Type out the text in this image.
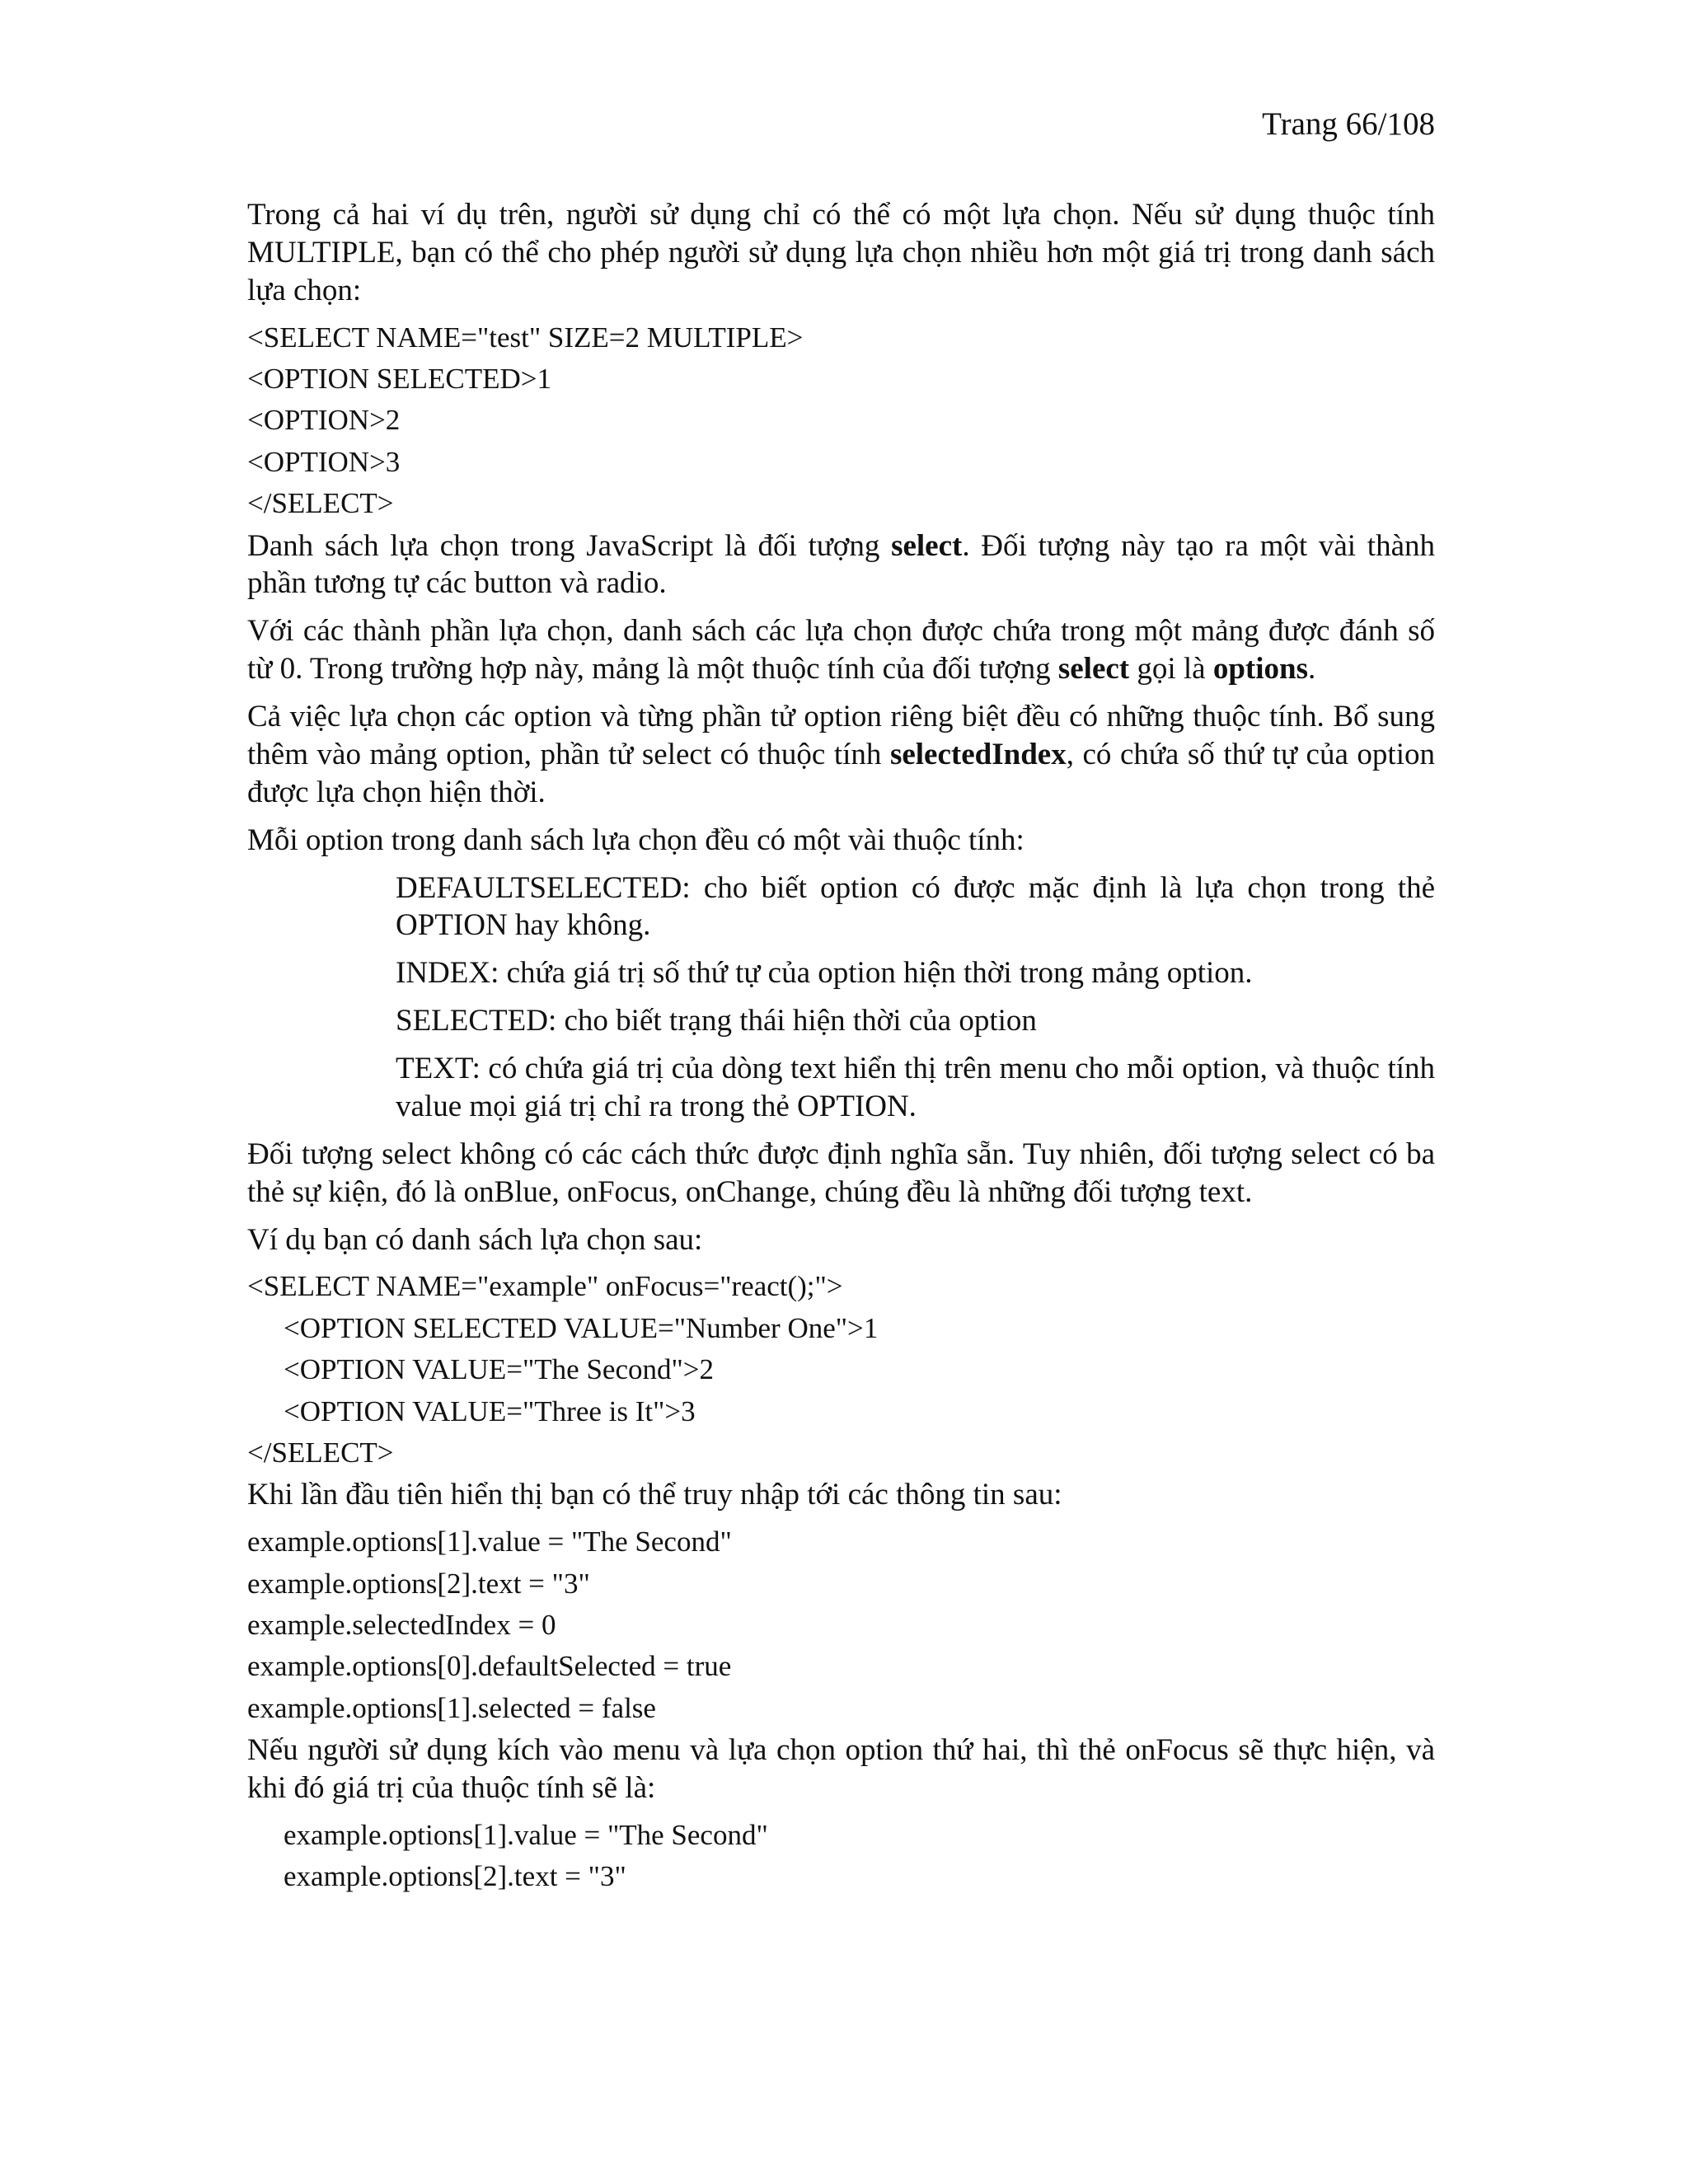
Trang 66/108

Trong cả hai ví dụ trên, người sử dụng chỉ có thể có một lựa chọn. Nếu sử dụng thuộc tính MULTIPLE, bạn có thể cho phép người sử dụng lựa chọn nhiều hơn một giá trị trong danh sách lựa chọn:

<SELECT NAME="test" SIZE=2 MULTIPLE>
<OPTION SELECTED>1
<OPTION>2
<OPTION>3
</SELECT>

Danh sách lựa chọn trong JavaScript là đối tượng select. Đối tượng này tạo ra một vài thành phần tương tự các button và radio.

Với các thành phần lựa chọn, danh sách các lựa chọn được chứa trong một mảng được đánh số từ 0. Trong trường hợp này, mảng là một thuộc tính của đối tượng select gọi là options.

Cả việc lựa chọn các option và từng phần tử option riêng biệt đều có những thuộc tính. Bổ sung thêm vào mảng option, phần tử select có thuộc tính selectedIndex, có chứa số thứ tự của option được lựa chọn hiện thời.

Mỗi option trong danh sách lựa chọn đều có một vài thuộc tính:

DEFAULTSELECTED: cho biết option có được mặc định là lựa chọn trong thẻ OPTION hay không.

INDEX: chứa giá trị số thứ tự của option hiện thời trong mảng option.

SELECTED: cho biết trạng thái hiện thời của option

TEXT: có chứa giá trị của dòng text hiển thị trên menu cho mỗi option, và thuộc tính value mọi giá trị chỉ ra trong thẻ OPTION.

Đối tượng select không có các cách thức được định nghĩa sẵn. Tuy nhiên, đối tượng select có ba thẻ sự kiện, đó là onBlue, onFocus, onChange, chúng đều là những đối tượng text.

Ví dụ bạn có danh sách lựa chọn sau:

<SELECT NAME="example" onFocus="react();">
<OPTION SELECTED VALUE="Number One">1
<OPTION VALUE="The Second">2
<OPTION VALUE="Three is It">3
</SELECT>

Khi lần đầu tiên hiển thị bạn có thể truy nhập tới các thông tin sau:

example.options[1].value = "The Second"
example.options[2].text = "3"
example.selectedIndex = 0
example.options[0].defaultSelected = true
example.options[1].selected = false

Nếu người sử dụng kích vào menu và lựa chọn option thứ hai, thì thẻ onFocus sẽ thực hiện, và khi đó giá trị của thuộc tính sẽ là:

example.options[1].value = "The Second"
example.options[2].text = "3"
